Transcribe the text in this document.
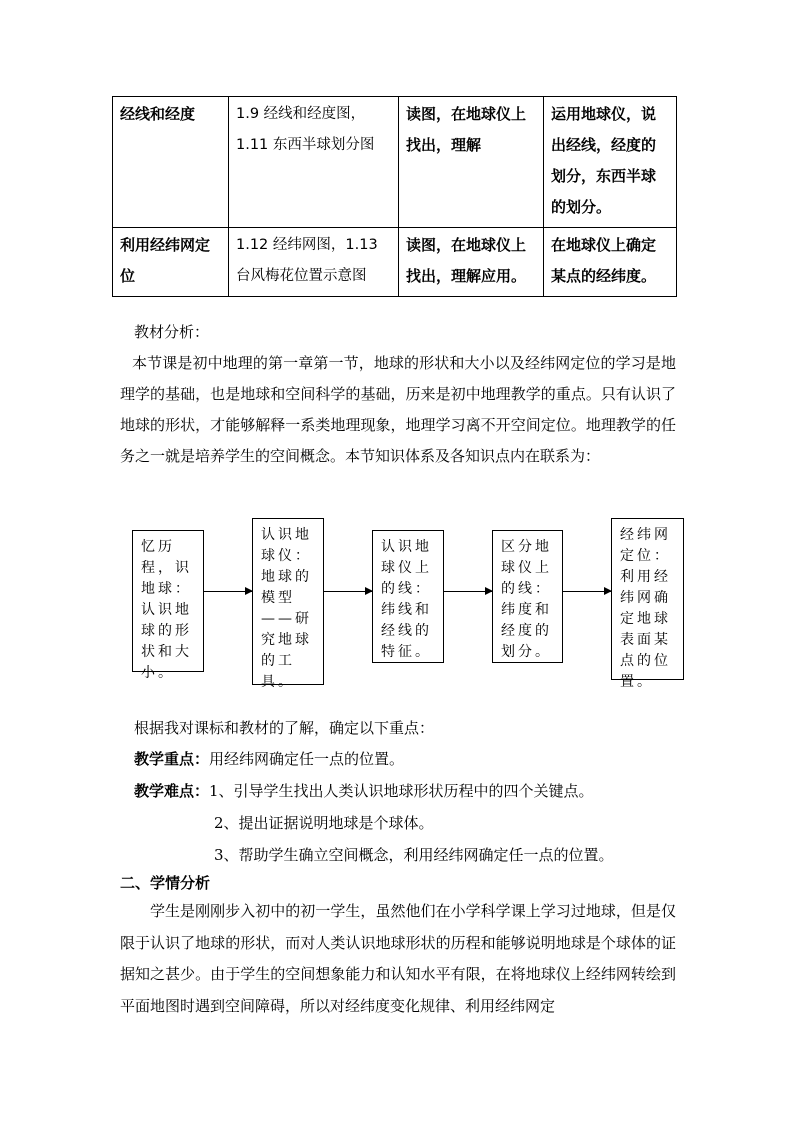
经线和经度	1.9 经线和经度图，1.11 东西半球划分图	读图，在地球仪上找出，理解	运用地球仪，说出经线，经度的划分，东西半球的划分。
利用经纬网定位	1.12 经纬网图，1.13 台风梅花位置示意图	读图，在地球仪上找出，理解应用。	在地球仪上确定某点的经纬度。
教材分析：
本节课是初中地理的第一章第一节，地球的形状和大小以及经纬网定位的学习是地理学的基础，也是地球和空间科学的基础，历来是初中地理教学的重点。只有认识了地球的形状，才能够解释一系类地理现象，地理学习离不开空间定位。地理教学的任务之一就是培养学生的空间概念。本节知识体系及各知识点内在联系为：
忆历程，识地球：认识地球的形状和大小。
认识地球仪：地球的模型——研究地球的工具。
认识地球仪上的线：纬线和经线的特征。
区分地球仪上的线：纬度和经度的划分。
经纬网定位：利用经纬网确定地球表面某点的位置。
根据我对课标和教材的了解，确定以下重点：
教学重点：用经纬网确定任一点的位置。
教学难点：1、引导学生找出人类认识地球形状历程中的四个关键点。
2、提出证据说明地球是个球体。
3、帮助学生确立空间概念，利用经纬网确定任一点的位置。
二、学情分析
学生是刚刚步入初中的初一学生，虽然他们在小学科学课上学习过地球，但是仅限于认识了地球的形状，而对人类认识地球形状的历程和能够说明地球是个球体的证据知之甚少。由于学生的空间想象能力和认知水平有限，在将地球仪上经纬网转绘到平面地图时遇到空间障碍，所以对经纬度变化规律、利用经纬网定
